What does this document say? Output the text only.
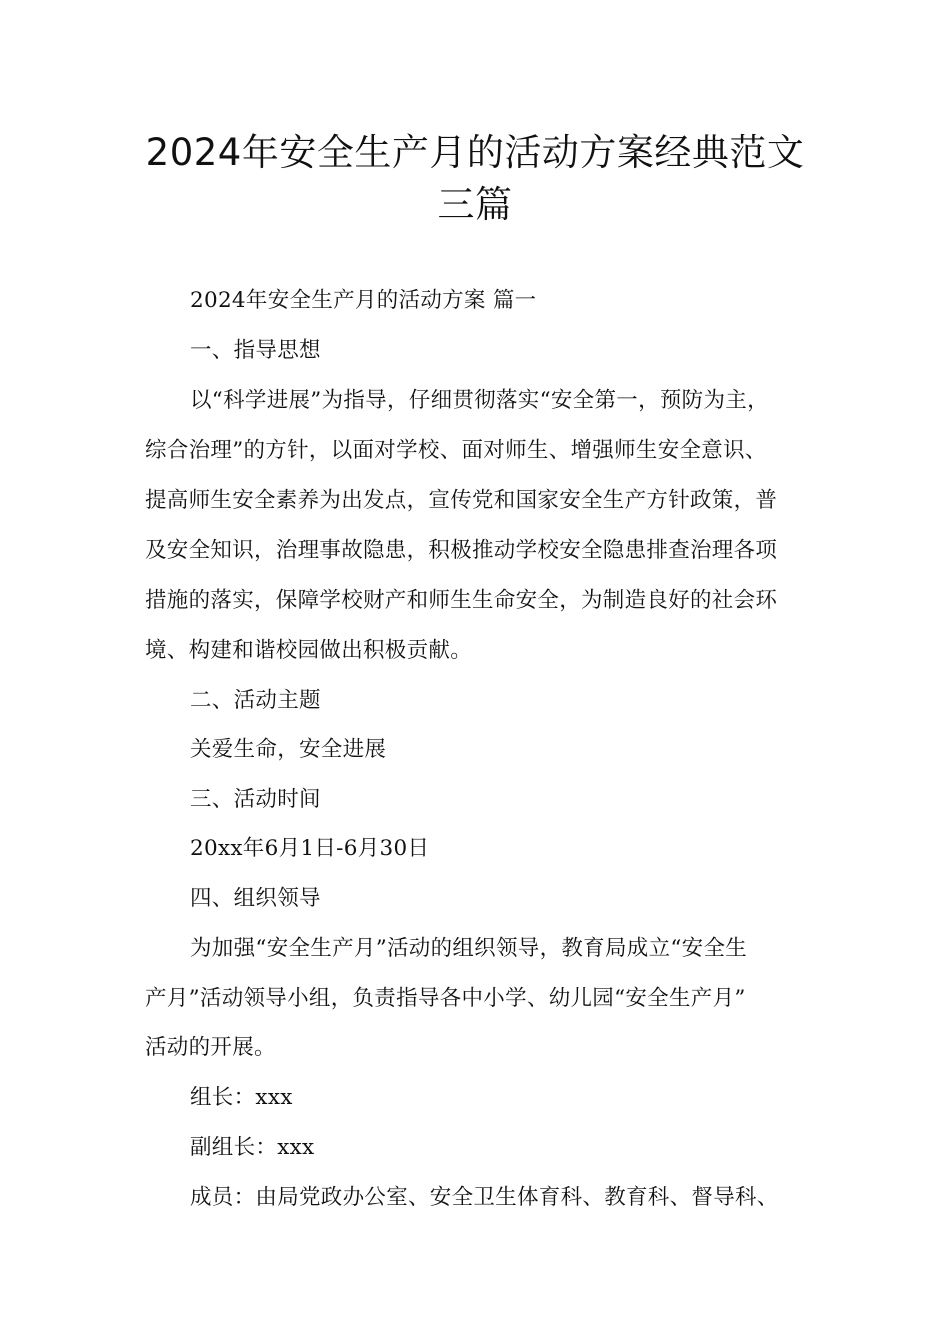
2024年安全生产月的活动方案经典范文
三篇
2024年安全生产月的活动方案 篇一
一、指导思想
以“科学进展”为指导，仔细贯彻落实“安全第一，预防为主，
综合治理”的方针，以面对学校、面对师生、增强师生安全意识、
提高师生安全素养为出发点，宣传党和国家安全生产方针政策，普
及安全知识，治理事故隐患，积极推动学校安全隐患排查治理各项
措施的落实，保障学校财产和师生生命安全，为制造良好的社会环
境、构建和谐校园做出积极贡献。
二、活动主题
关爱生命，安全进展
三、活动时间
20xx年6月1日-6月30日
四、组织领导
为加强“安全生产月”活动的组织领导，教育局成立“安全生
产月”活动领导小组，负责指导各中小学、幼儿园“安全生产月”
活动的开展。
组长：xxx
副组长：xxx
成员：由局党政办公室、安全卫生体育科、教育科、督导科、
